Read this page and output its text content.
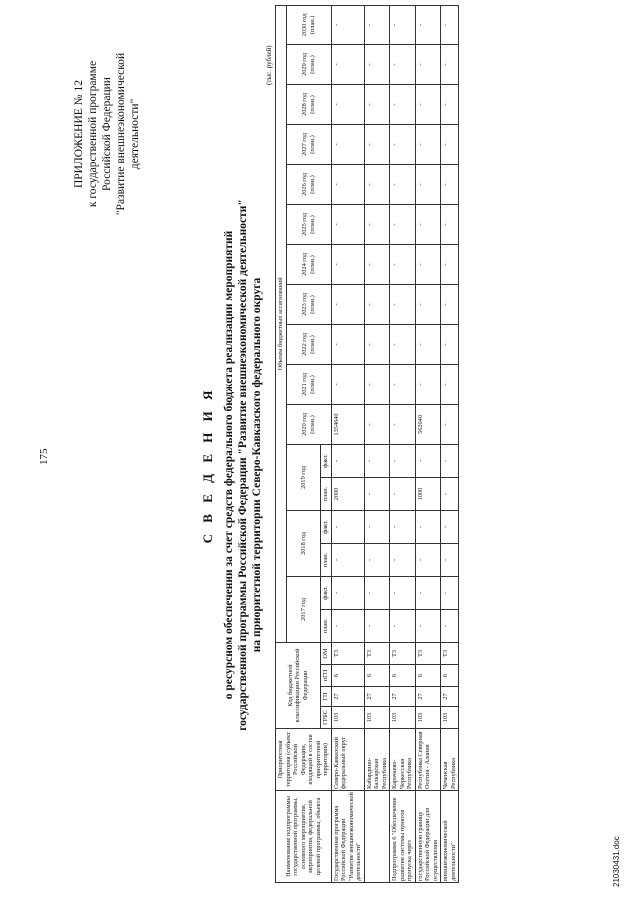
175
ПРИЛОЖЕНИЕ № 12 к государственной программе Российской Федерации "Развитие внешнеэкономической деятельности"
С В Е Д Е Н И Я о ресурсном обеспечении за счет средств федерального бюджета реализации мероприятий государственной программы Российской Федерации "Развитие внешнеэкономической деятельности" на приоритетной территории Северо-Кавказского федерального округа
(тыс. рублей)
Наименование подпрограммы государственной программы, основного мероприятия, мероприятия, федеральной целевой программы, объекта	Приоритетная территория (субъект Российской Федерации, входящий в состав приоритетной территории)	Код бюджетной классификации Российской Федерации				Объемы бюджетных ассигнований																
						2017 год		2018 год		2019 год		2020 год (план.)	2021 год (план.)	2022 год (план.)	2023 год (план.)	2024 год (план.)	2025 год (план.)	2026 год (план.)	2027 год (план.)	2028 год (план.)	2029 год (план.)	2030 год (план.)
		ГРБС	ГП	пГП	ОМ	план.	факт.	план.	факт.	план.	факт.											
Государственная программа Российской Федерации "Развитие внешнеэкономической деятельности"	Северо-Кавказский федеральный округ	103	27	6	Т3	-	-	-	-	2000	-	1354640	-	-	-	-	-	-	-	-	-	-
	Кабардино-Балкарская Республика	103	27	6	Т3	-	-	-	-	-	-	-	-	-	-	-	-	-	-	-	-	-
Подпрограмма 6 "Обеспечение развития системы пунктов пропуска через	Карачаево-Черкесская Республика	103	27	6	Т3	-	-	-	-	-	-	-	-	-	-	-	-	-	-	-	-	-
государственную границу Российской Федерации для осуществления	Республика Северная Осетия - Алания	103	27	6	Т3	-	-	-	-	1000	-	562040	-	-	-	-	-	-	-	-	-	-
внешнеэкономической деятельности"	Чеченская Республика	103	27	6	Т3	-	-	-	-	-	-	-	-	-	-	-	-	-	-	-	-	-
21030431.doc
